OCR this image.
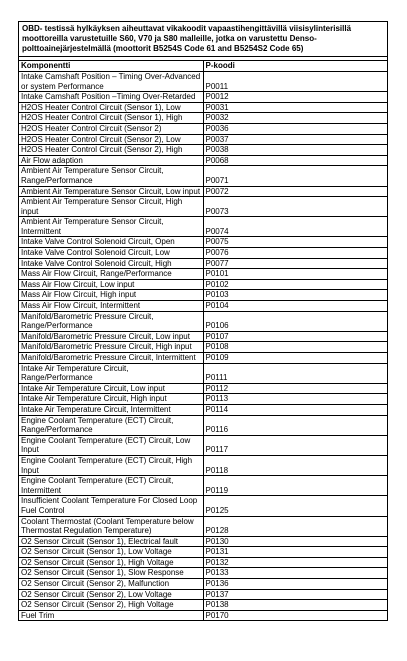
OBD- testissä hylkäyksen aiheuttavat vikakoodit vapaastihengittävillä viisisylinterisillä moottoreilla varustetuille S60, V70 ja S80 malleille, jotka on varustettu Denso-polttoainejärjestelmällä (moottorit B5254S Code 61 and B5254S2 Code 65)	

Komponentti	P-koodi
Intake Camshaft Position – Timing Over-Advanced or system Performance	P0011
Intake Camshaft Position –Timing Over-Retarded	P0012
H2OS Heater Control Circuit (Sensor 1), Low	P0031
H2OS Heater Control Circuit (Sensor 1), High	P0032
H2OS Heater Control Circuit (Sensor 2)	P0036
H2OS Heater Control Circuit (Sensor 2), Low	P0037
H2OS Heater Control Circuit (Sensor 2), High	P0038
Air Flow adaption	P0068
Ambient Air Temperature Sensor Circuit, Range/Performance	P0071
Ambient Air Temperature Sensor Circuit, Low input	P0072
Ambient Air Temperature Sensor Circuit, High input	P0073
Ambient Air Temperature Sensor Circuit, Intermittent	P0074
Intake Valve Control Solenoid Circuit, Open	P0075
Intake Valve Control Solenoid Circuit, Low	P0076
Intake Valve Control Solenoid Circuit, High	P0077
Mass Air Flow Circuit, Range/Performance	P0101
Mass Air Flow Circuit, Low input	P0102
Mass Air Flow Circuit, High input	P0103
Mass Air Flow Circuit, Intermittent	P0104
Manifold/Barometric Pressure Circuit, Range/Performance	P0106
Manifold/Barometric Pressure Circuit, Low input	P0107
Manifold/Barometric Pressure Circuit, High input	P0108
Manifold/Barometric Pressure Circuit, Intermittent	P0109
Intake Air Temperature Circuit, Range/Performance	P0111
Intake Air Temperature Circuit, Low input	P0112
Intake Air Temperature Circuit, High input	P0113
Intake Air Temperature Circuit, Intermittent	P0114
Engine Coolant Temperature (ECT) Circuit, Range/Performance	P0116
Engine Coolant Temperature (ECT) Circuit, Low Input	P0117
Engine Coolant Temperature (ECT) Circuit, High Input	P0118
Engine Coolant Temperature (ECT) Circuit, Intermittent	P0119
Insufficient Coolant Temperature For Closed Loop Fuel Control	P0125
Coolant Thermostat (Coolant Temperature below Thermostat Regulation Temperature)	P0128
O2 Sensor Circuit (Sensor 1), Electrical fault	P0130
O2 Sensor Circuit (Sensor 1), Low Voltage	P0131
O2 Sensor Circuit (Sensor 1), High Voltage	P0132
O2 Sensor Circuit (Sensor 1), Slow Response	P0133
O2 Sensor Circuit (Sensor 2), Malfunction	P0136
O2 Sensor Circuit (Sensor 2), Low Voltage	P0137
O2 Sensor Circuit (Sensor 2), High Voltage	P0138
Fuel Trim	P0170
